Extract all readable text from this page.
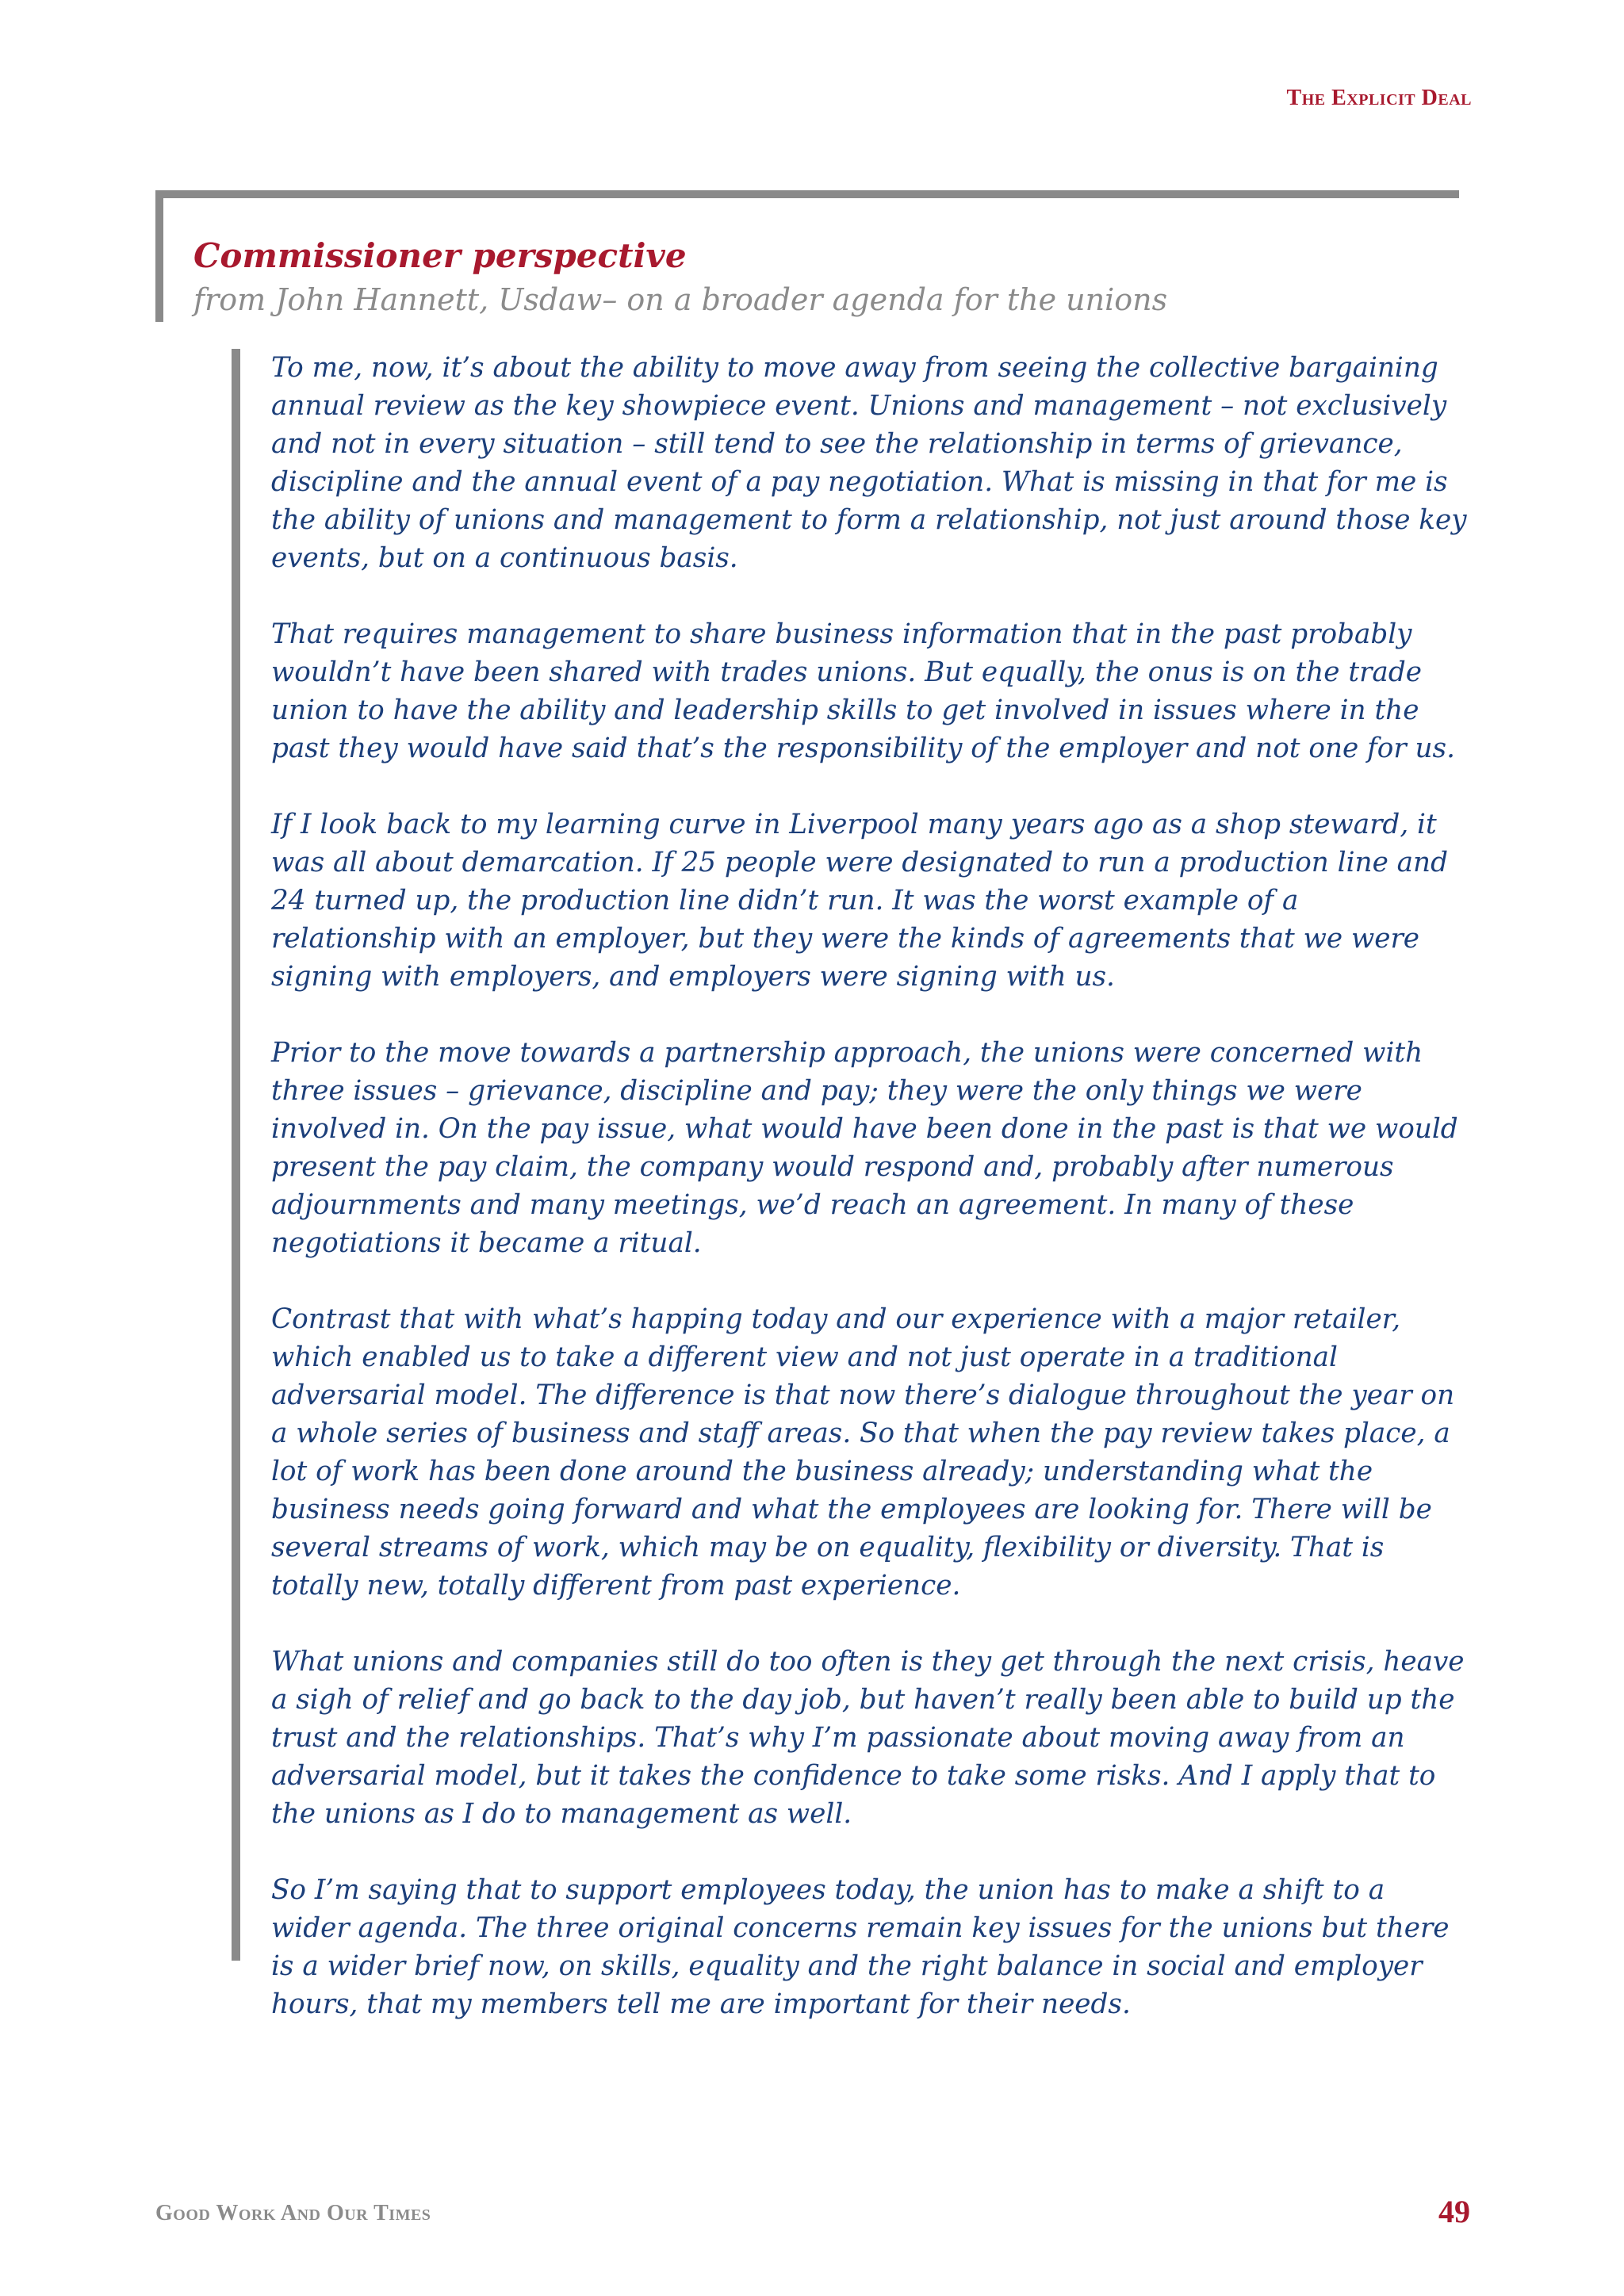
The Explicit Deal
Commissioner perspective

from John Hannett, Usdaw– on a broader agenda for the unions

To me, now, it’s about the ability to move away from seeing the collective bargaining annual review as the key showpiece event. Unions and management – not exclusively and not in every situation – still tend to see the relationship in terms of grievance, discipline and the annual event of a pay negotiation. What is missing in that for me is the ability of unions and management to form a relationship, not just around those key events, but on a continuous basis.

That requires management to share business information that in the past probably wouldn’t have been shared with trades unions. But equally, the onus is on the trade union to have the ability and leadership skills to get involved in issues where in the past they would have said that’s the responsibility of the employer and not one for us.

If I look back to my learning curve in Liverpool many years ago as a shop steward, it was all about demarcation. If 25 people were designated to run a production line and 24 turned up, the production line didn’t run. It was the worst example of a relationship with an employer, but they were the kinds of agreements that we were signing with employers, and employers were signing with us.

Prior to the move towards a partnership approach, the unions were concerned with three issues – grievance, discipline and pay; they were the only things we were involved in. On the pay issue, what would have been done in the past is that we would present the pay claim, the company would respond and, probably after numerous adjournments and many meetings, we’d reach an agreement. In many of these negotiations it became a ritual.

Contrast that with what’s happing today and our experience with a major retailer, which enabled us to take a different view and not just operate in a traditional adversarial model. The difference is that now there’s dialogue throughout the year on a whole series of business and staff areas. So that when the pay review takes place, a lot of work has been done around the business already; understanding what the business needs going forward and what the employees are looking for. There will be several streams of work, which may be on equality, flexibility or diversity. That is totally new, totally different from past experience.

What unions and companies still do too often is they get through the next crisis, heave a sigh of relief and go back to the day job, but haven’t really been able to build up the trust and the relationships. That’s why I’m passionate about moving away from an adversarial model, but it takes the confidence to take some risks. And I apply that to the unions as I do to management as well.

So I’m saying that to support employees today, the union has to make a shift to a wider agenda. The three original concerns remain key issues for the unions but there is a wider brief now, on skills, equality and the right balance in social and employer hours, that my members tell me are important for their needs.

Good Work And Our Times	49
